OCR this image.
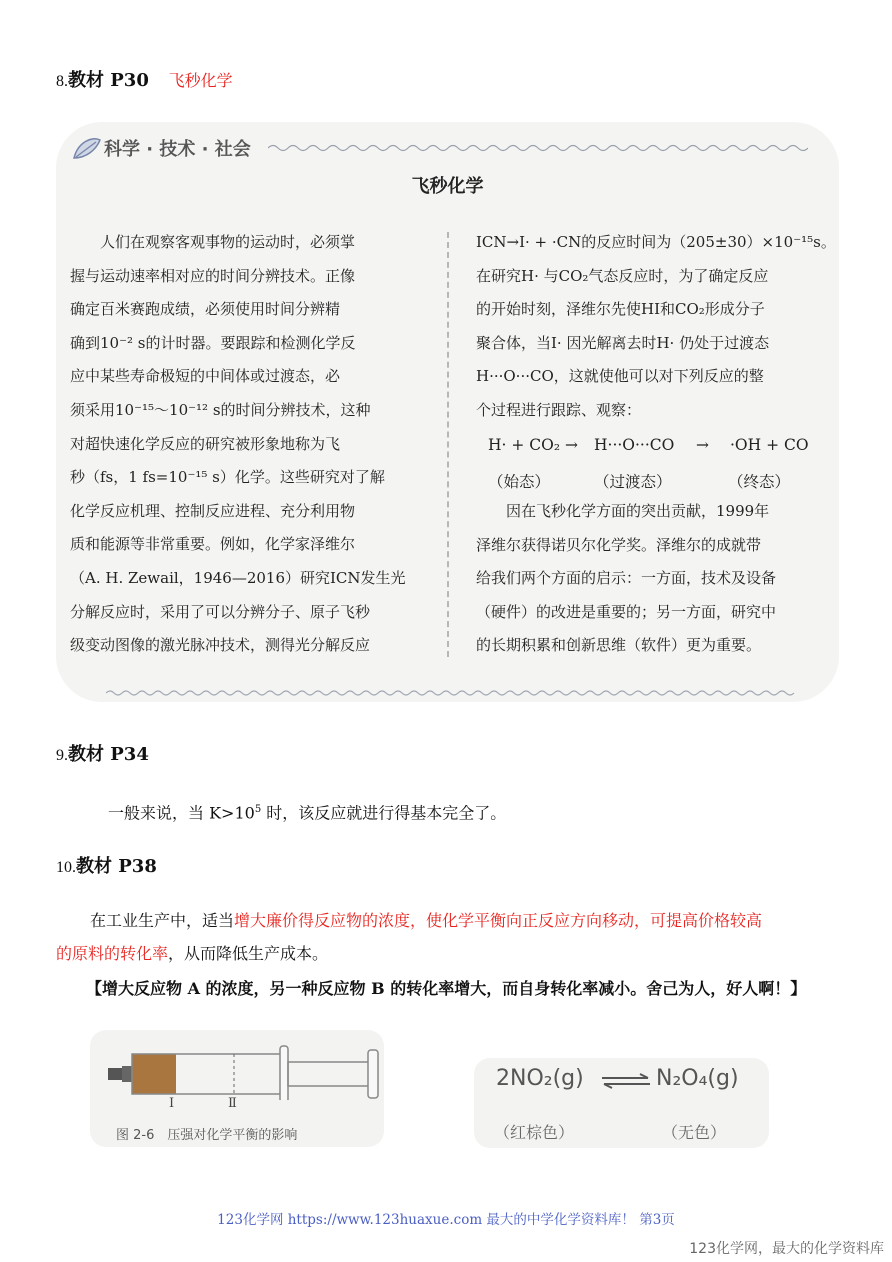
8.教材 P30 飞秒化学
科学 · 技术 · 社会
飞秒化学
人们在观察客观事物的运动时，必须掌
握与运动速率相对应的时间分辨技术。正像
确定百米赛跑成绩，必须使用时间分辨精
确到10⁻² s的计时器。要跟踪和检测化学反
应中某些寿命极短的中间体或过渡态，必
须采用10⁻¹⁵～10⁻¹² s的时间分辨技术，这种
对超快速化学反应的研究被形象地称为飞
秒（fs，1 fs=10⁻¹⁵ s）化学。这些研究对了解
化学反应机理、控制反应进程、充分利用物
质和能源等非常重要。例如，化学家泽维尔
（A. H. Zewail，1946—2016）研究ICN发生光
分解反应时，采用了可以分辨分子、原子飞秒
级变动图像的激光脉冲技术，测得光分解反应
ICN→I· + ·CN的反应时间为（205±30）×10⁻¹⁵s。
在研究H· 与CO₂气态反应时，为了确定反应
的开始时刻，泽维尔先使HI和CO₂形成分子
聚合体，当I· 因光解离去时H· 仍处于过渡态
H···O···CO，这就使他可以对下列反应的整
个过程进行跟踪、观察：
H· + CO₂ → H···O···CO → ·OH + CO
（始态）	（过渡态）	（终态）
因在飞秒化学方面的突出贡献，1999年
泽维尔获得诺贝尔化学奖。泽维尔的成就带
给我们两个方面的启示：一方面，技术及设备
（硬件）的改进是重要的；另一方面，研究中
的长期积累和创新思维（软件）更为重要。
9.教材 P34
一般来说，当 $K>10^5$ 时，该反应就进行得基本完全了。
10.教材 P38
在工业生产中，适当增大廉价得反应物的浓度，使化学平衡向正反应方向移动，可提高价格较高
的原料的转化率，从而降低生产成本。
【增大反应物 A 的浓度，另一种反应物 B 的转化率增大，而自身转化率减小。舍己为人，好人啊！】
Ⅰ	Ⅱ
图 2-6　压强对化学平衡的影响
2NO₂(g) ⇌ N₂O₄(g)
（红棕色）	（无色）
123化学网 https://www.123huaxue.com 最大的中学化学资料库！ 第3页
123化学网，最大的化学资料库
